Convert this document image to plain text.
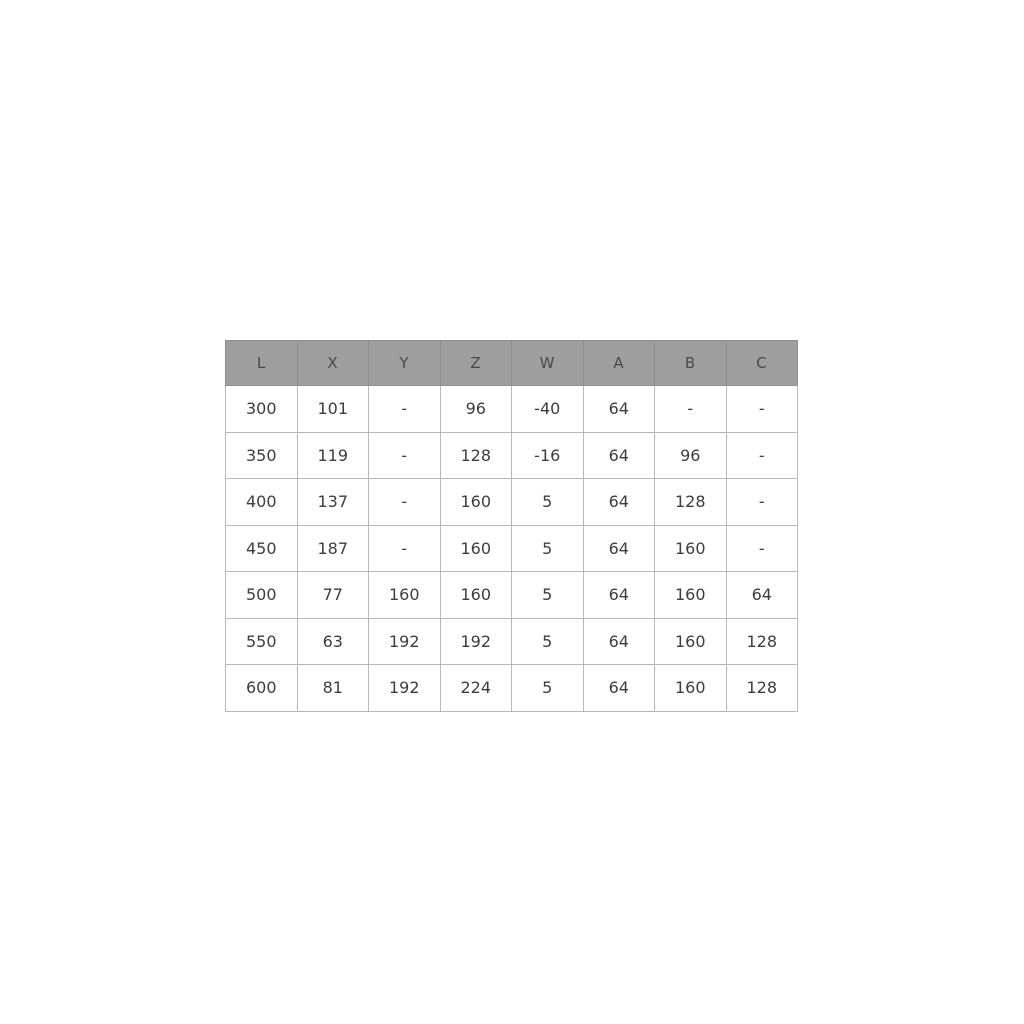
L	X	Y	Z	W	A	B	C
300	101	-	96	-40	64	-	-
350	119	-	128	-16	64	96	-
400	137	-	160	5	64	128	-
450	187	-	160	5	64	160	-
500	77	160	160	5	64	160	64
550	63	192	192	5	64	160	128
600	81	192	224	5	64	160	128
